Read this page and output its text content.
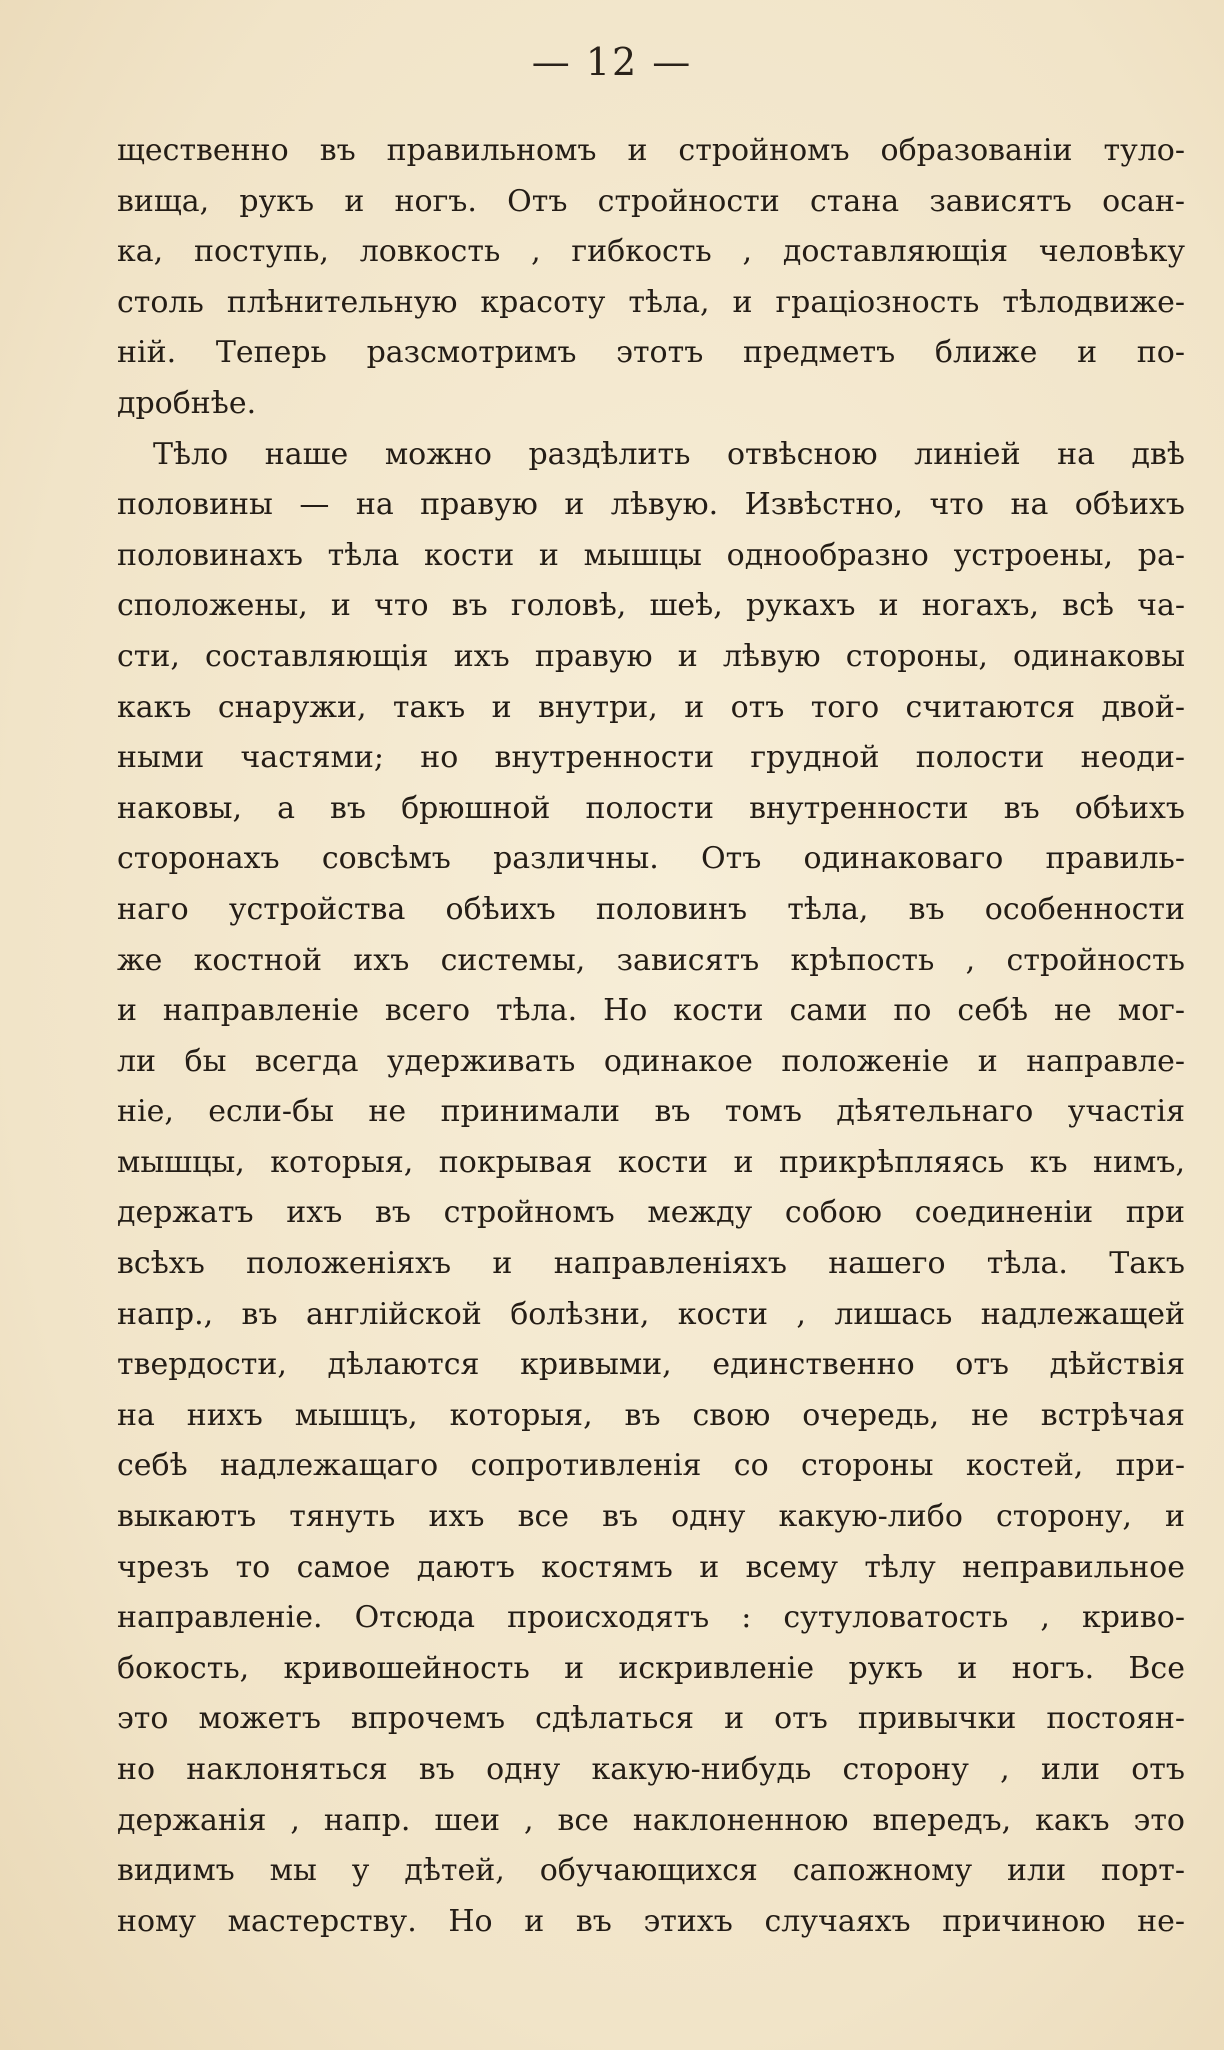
— 12 —
щественно въ правильномъ и стройномъ образованіи туло-
вища, рукъ и ногъ. Отъ стройности стана зависятъ осан-
ка, поступь, ловкость , гибкость , доставляющія человѣку
столь плѣнительную красоту тѣла, и граціозность тѣлодвиже-
ній. Теперь разсмотримъ этотъ предметъ ближе и по-
дробнѣе.
Тѣло наше можно раздѣлить отвѣсною линіей на двѣ
половины — на правую и лѣвую. Извѣстно, что на обѣихъ
половинахъ тѣла кости и мышцы однообразно устроены, ра-
сположены, и что въ головѣ, шеѣ, рукахъ и ногахъ, всѣ ча-
сти, составляющія ихъ правую и лѣвую стороны, одинаковы
какъ снаружи, такъ и внутри, и отъ того считаются двой-
ными частями; но внутренности грудной полости неоди-
наковы, а въ брюшной полости внутренности въ обѣихъ
сторонахъ совсѣмъ различны. Отъ одинаковаго правиль-
наго устройства обѣихъ половинъ тѣла, въ особенности
же костной ихъ системы, зависятъ крѣпость , стройность
и направленіе всего тѣла. Но кости сами по себѣ не мог-
ли бы всегда удерживать одинакое положеніе и направле-
ніе, если-бы не принимали въ томъ дѣятельнаго участія
мышцы, которыя, покрывая кости и прикрѣпляясь къ нимъ,
держатъ ихъ въ стройномъ между собою соединеніи при
всѣхъ положеніяхъ и направленіяхъ нашего тѣла. Такъ
напр., въ англійской болѣзни, кости , лишась надлежащей
твердости, дѣлаются кривыми, единственно отъ дѣйствія
на нихъ мышцъ, которыя, въ свою очередь, не встрѣчая
себѣ надлежащаго сопротивленія со стороны костей, при-
выкаютъ тянуть ихъ все въ одну какую-либо сторону, и
чрезъ то самое даютъ костямъ и всему тѣлу неправильное
направленіе. Отсюда происходятъ : сутуловатость , криво-
бокость, кривошейность и искривленіе рукъ и ногъ. Все
это можетъ впрочемъ сдѣлаться и отъ привычки постоян-
но наклоняться въ одну какую-нибудь сторону , или отъ
держанія , напр. шеи , все наклоненною впередъ, какъ это
видимъ мы у дѣтей, обучающихся сапожному или порт-
ному мастерству. Но и въ этихъ случаяхъ причиною не-
